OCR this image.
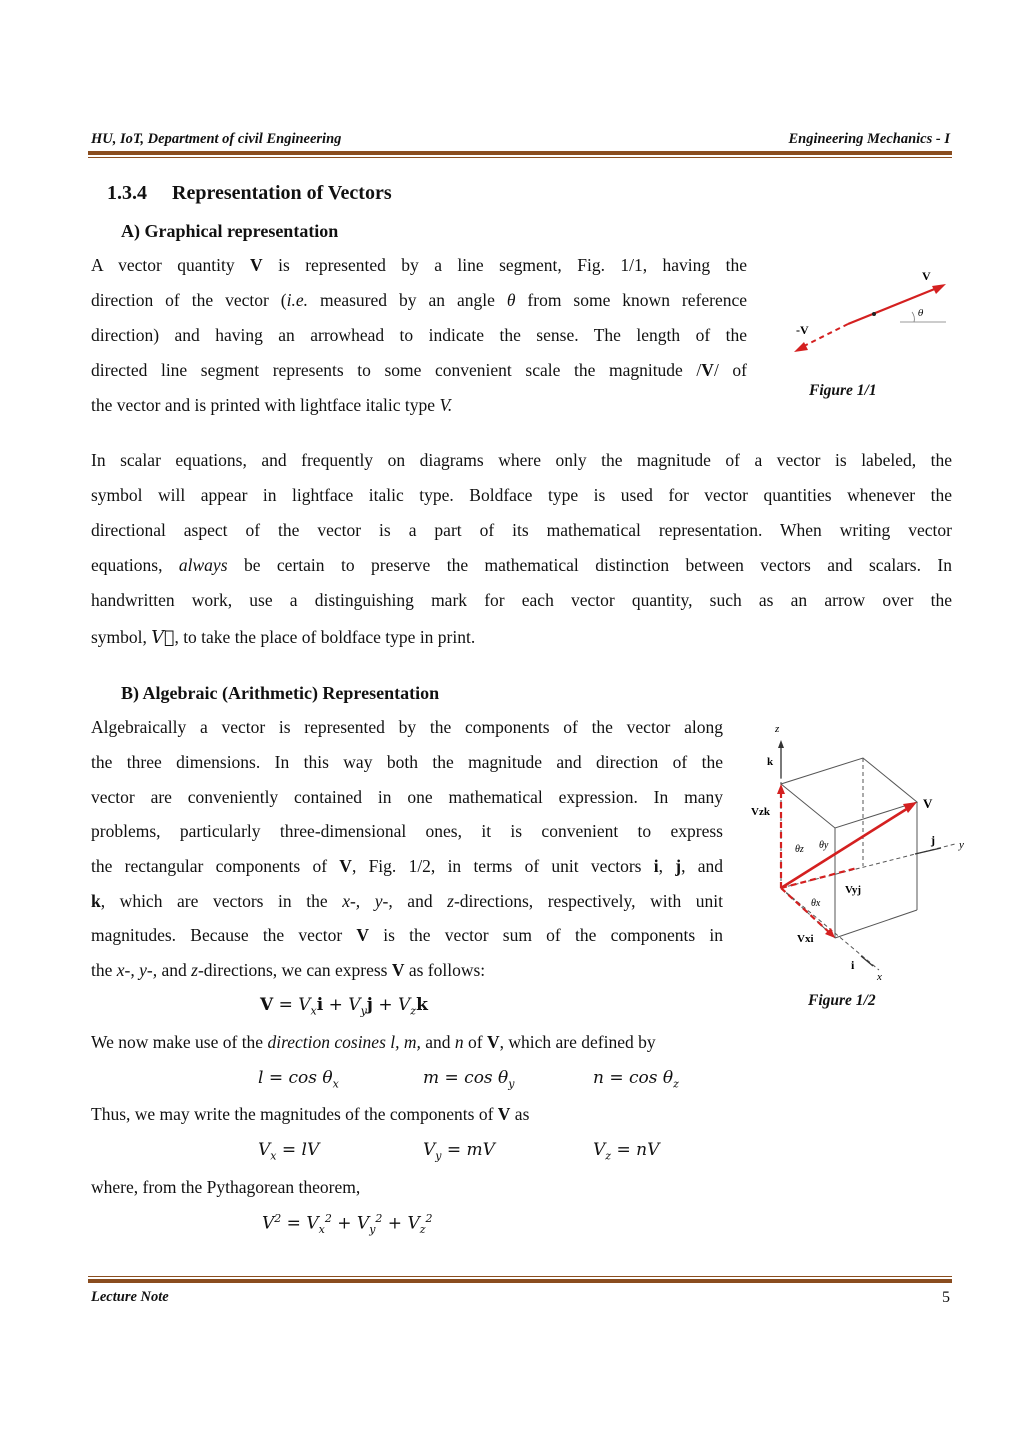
HU, IoT, Department of civil Engineering	Engineering Mechanics - I
1.3.4 Representation of Vectors
A) Graphical representation
A vector quantity V is represented by a line segment, Fig. 1/1, having the
direction of the vector (i.e. measured by an angle θ from some known reference
direction) and having an arrowhead to indicate the sense. The length of the
directed line segment represents to some convenient scale the magnitude /V/ of
the vector and is printed with lightface italic type V.
V
-V
θ
Figure 1/1
In scalar equations, and frequently on diagrams where only the magnitude of a vector is labeled, the
symbol will appear in lightface italic type. Boldface type is used for vector quantities whenever the
directional aspect of the vector is a part of its mathematical representation. When writing vector
equations, always be certain to preserve the mathematical distinction between vectors and scalars. In
handwritten work, use a distinguishing mark for each vector quantity, such as an arrow over the
symbol, V⃗, to take the place of boldface type in print.
B) Algebraic (Arithmetic) Representation
Algebraically a vector is represented by the components of the vector along
the three dimensions. In this way both the magnitude and direction of the
vector are conveniently contained in one mathematical expression. In many
problems, particularly three-dimensional ones, it is convenient to express
the rectangular components of V, Fig. 1/2, in terms of unit vectors i, j, and
k, which are vectors in the x-, y-, and z-directions, respectively, with unit
magnitudes. Because the vector V is the vector sum of the components in
the x-, y-, and z-directions, we can express V as follows:
z
k
Vzk
V
θz θy	j y
Vyj
θx
Vxi
i
x
Figure 1/2
$V = V_xi + V_yj + V_zk$
We now make use of the direction cosines l, m, and n of V, which are defined by
$l = \cos \theta_x$	$m = \cos \theta_y$	$n = \cos \theta_z$
Thus, we may write the magnitudes of the components of V as
$V_x$ = lV	$V_y$ = mV	$V_z$ = nV
where, from the Pythagorean theorem,
$V^2 = V_x^2 + V_y^2 + V_z^2$
Lecture Note	5
